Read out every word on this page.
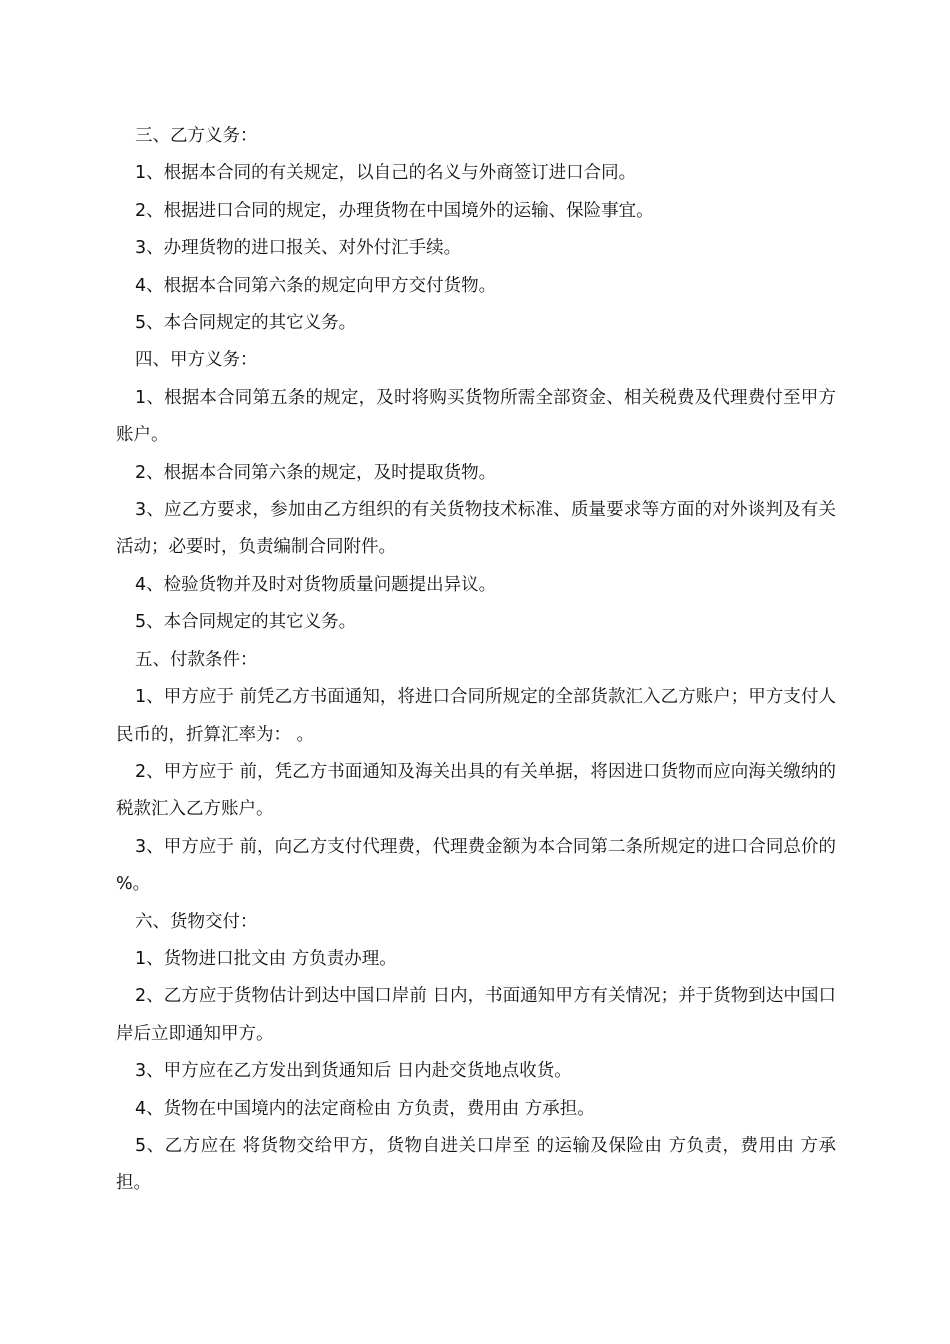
三、乙方义务：

1、根据本合同的有关规定，以自己的名义与外商签订进口合同。

2、根据进口合同的规定，办理货物在中国境外的运输、保险事宜。

3、办理货物的进口报关、对外付汇手续。

4、根据本合同第六条的规定向甲方交付货物。

5、本合同规定的其它义务。

四、甲方义务：

1、根据本合同第五条的规定，及时将购买货物所需全部资金、相关税费及代理费付至甲方账户。

2、根据本合同第六条的规定，及时提取货物。

3、应乙方要求，参加由乙方组织的有关货物技术标准、质量要求等方面的对外谈判及有关活动；必要时，负责编制合同附件。

4、检验货物并及时对货物质量问题提出异议。

5、本合同规定的其它义务。

五、付款条件：

1、甲方应于 前凭乙方书面通知，将进口合同所规定的全部货款汇入乙方账户；甲方支付人民币的，折算汇率为： 。

2、甲方应于 前，凭乙方书面通知及海关出具的有关单据，将因进口货物而应向海关缴纳的税款汇入乙方账户。

3、甲方应于 前，向乙方支付代理费，代理费金额为本合同第二条所规定的进口合同总价的 %。

六、货物交付：

1、货物进口批文由 方负责办理。

2、乙方应于货物估计到达中国口岸前 日内，书面通知甲方有关情况；并于货物到达中国口岸后立即通知甲方。

3、甲方应在乙方发出到货通知后 日内赴交货地点收货。

4、货物在中国境内的法定商检由 方负责，费用由 方承担。

5、乙方应在 将货物交给甲方，货物自进关口岸至 的运输及保险由 方负责，费用由 方承担。
